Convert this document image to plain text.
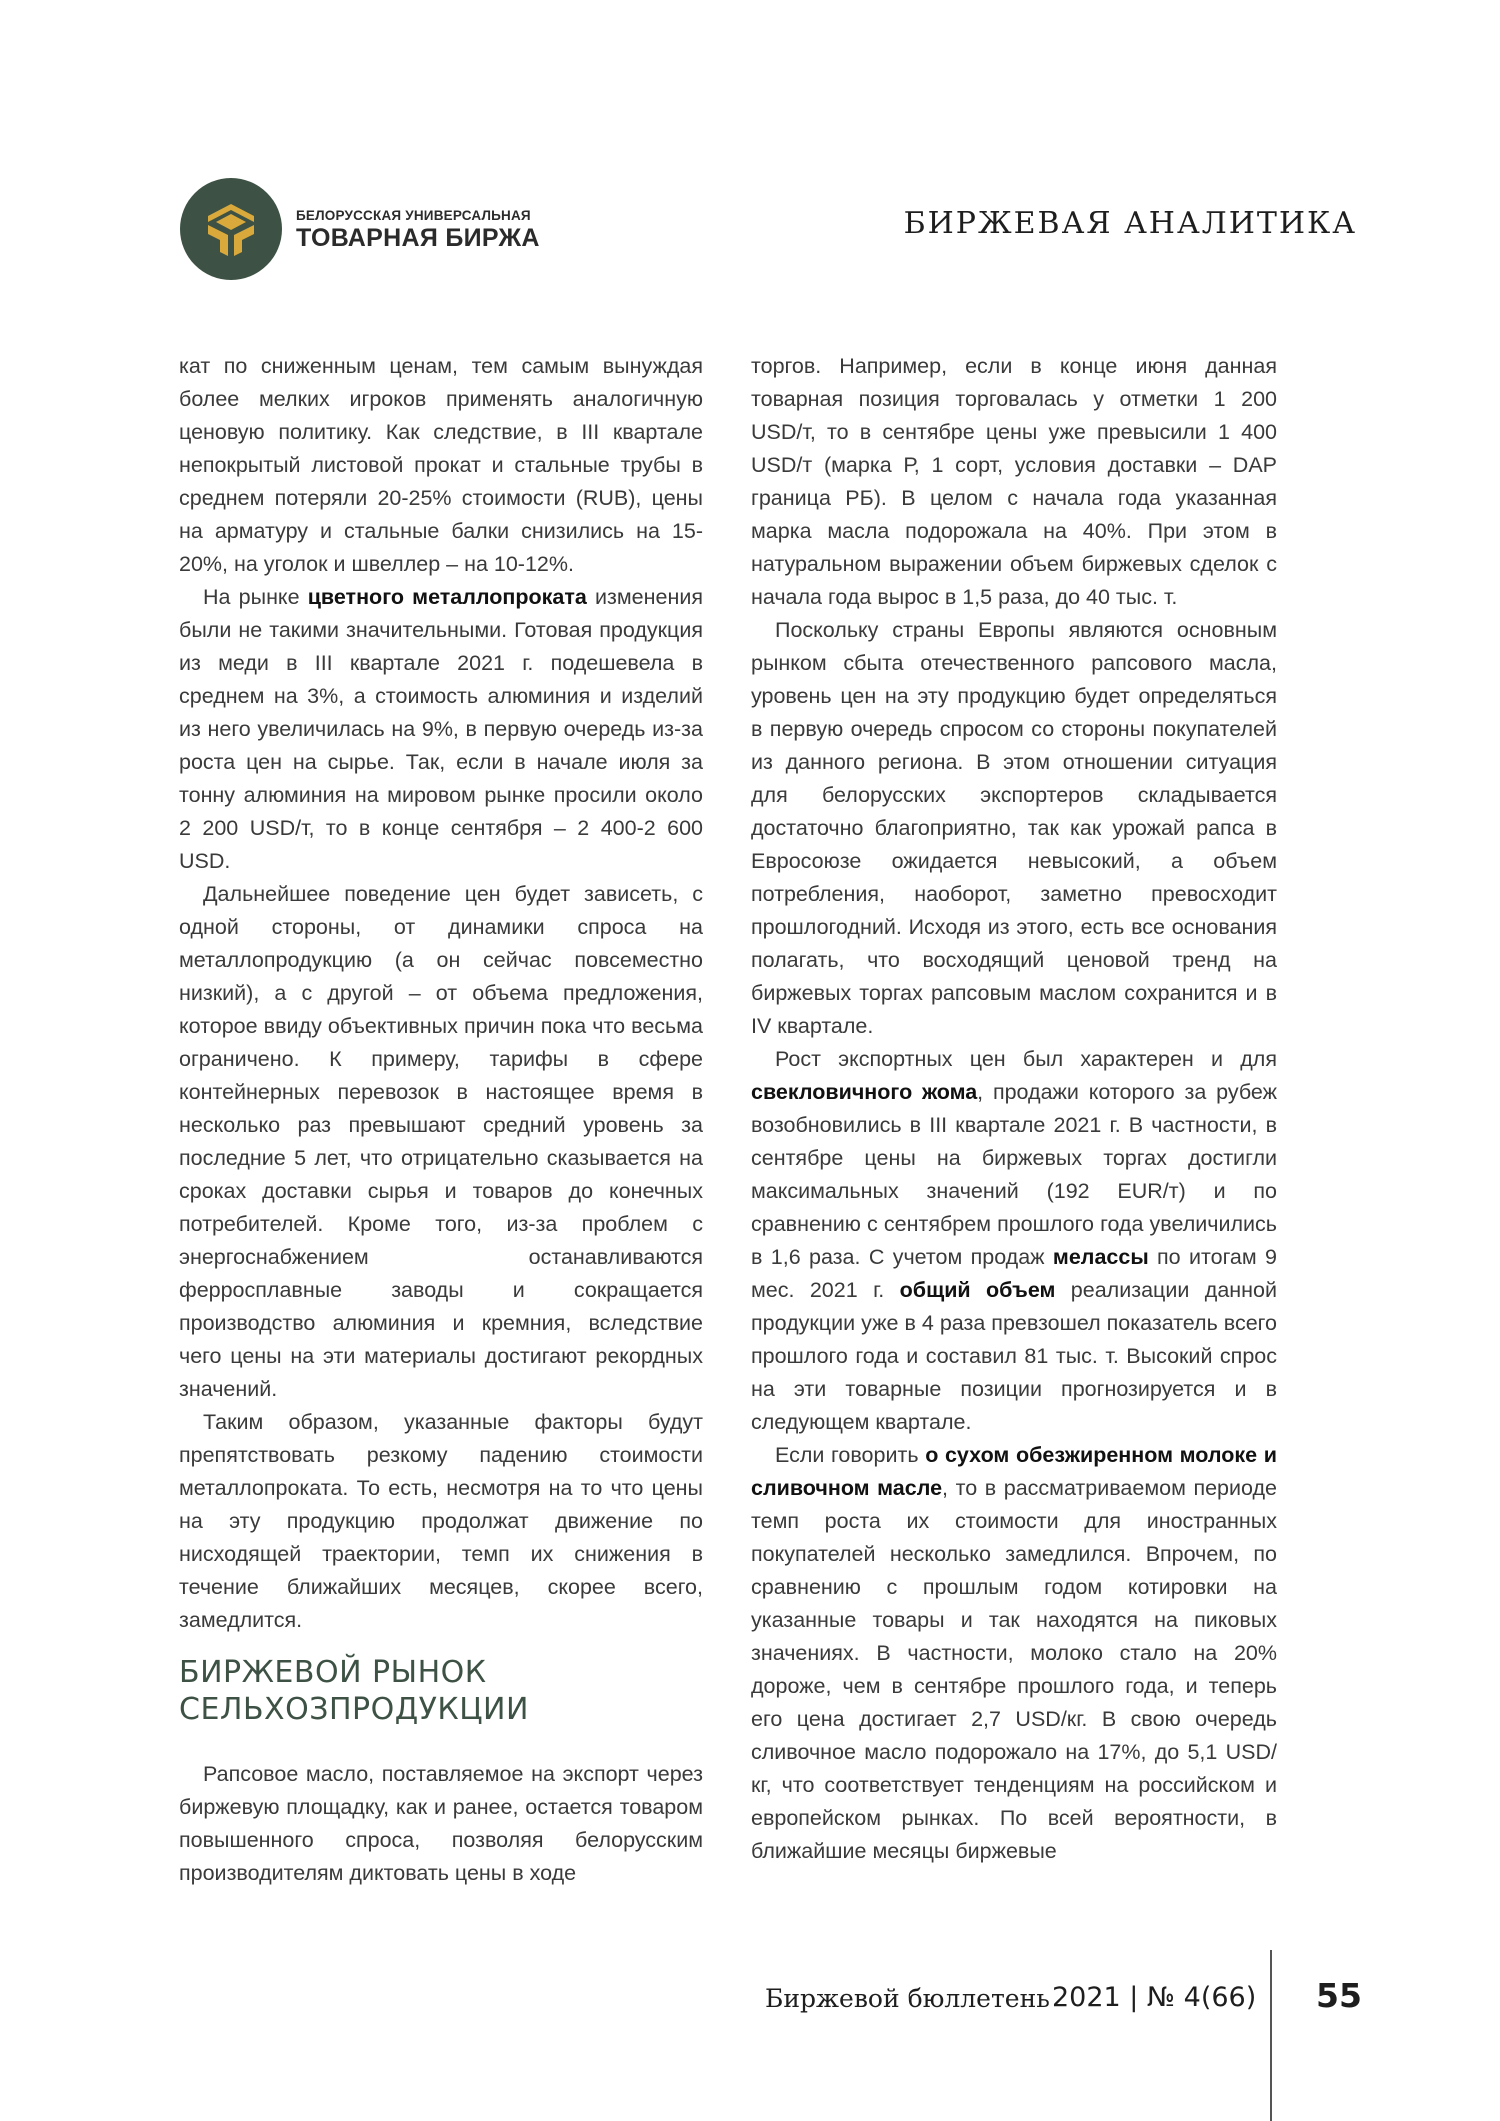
БЕЛОРУССКАЯ УНИВЕРСАЛЬНАЯ
ТОВАРНАЯ БИРЖА	БИРЖЕВАЯ АНАЛИТИКА

кат по сниженным ценам, тем самым вынуждая более мелких игроков применять аналогичную ценовую политику. Как следствие, в III квартале непокрытый листовой прокат и стальные трубы в среднем потеряли 20-25% стоимости (RUB), цены на арматуру и стальные балки снизились на 15-20%, на уголок и швеллер – на 10-12%.

На рынке цветного металлопроката изменения были не такими значительными. Готовая продукция из меди в III квартале 2021 г. подешевела в среднем на 3%, а стоимость алюминия и изделий из него увеличилась на 9%, в первую очередь из-за роста цен на сырье. Так, если в начале июля за тонну алюминия на мировом рынке просили около 2 200 USD/т, то в конце сентября – 2 400-2 600 USD.

Дальнейшее поведение цен будет зависеть, с одной стороны, от динамики спроса на металлопродукцию (а он сейчас повсеместно низкий), а с другой – от объема предложения, которое ввиду объективных причин пока что весьма ограничено. К примеру, тарифы в сфере контейнерных перевозок в настоящее время в несколько раз превышают средний уровень за последние 5 лет, что отрицательно сказывается на сроках доставки сырья и товаров до конечных потребителей. Кроме того, из-за проблем с энергоснабжением останавливаются ферросплавные заводы и сокращается производство алюминия и кремния, вследствие чего цены на эти материалы достигают рекордных значений.

Таким образом, указанные факторы будут препятствовать резкому падению стоимости металлопроката. То есть, несмотря на то что цены на эту продукцию продолжат движение по нисходящей траектории, темп их снижения в течение ближайших месяцев, скорее всего, замедлится.

БИРЖЕВОЙ РЫНОК
СЕЛЬХОЗПРОДУКЦИИ

Рапсовое масло, поставляемое на экспорт через биржевую площадку, как и ранее, остается товаром повышенного спроса, позволяя белорусским производителям диктовать цены в ходе

торгов. Например, если в конце июня данная товарная позиция торговалась у отметки 1 200 USD/т, то в сентябре цены уже превысили 1 400 USD/т (марка Р, 1 сорт, условия доставки – DAP граница РБ). В целом с начала года указанная марка масла подорожала на 40%. При этом в натуральном выражении объем биржевых сделок с начала года вырос в 1,5 раза, до 40 тыс. т.

Поскольку страны Европы являются основным рынком сбыта отечественного рапсового масла, уровень цен на эту продукцию будет определяться в первую очередь спросом со стороны покупателей из данного региона. В этом отношении ситуация для белорусских экспортеров складывается достаточно благоприятно, так как урожай рапса в Евросоюзе ожидается невысокий, а объем потребления, наоборот, заметно превосходит прошлогодний. Исходя из этого, есть все основания полагать, что восходящий ценовой тренд на биржевых торгах рапсовым маслом сохранится и в IV квартале.

Рост экспортных цен был характерен и для свекловичного жома, продажи которого за рубеж возобновились в III квартале 2021 г. В частности, в сентябре цены на биржевых торгах достигли максимальных значений (192 EUR/т) и по сравнению с сентябрем прошлого года увеличились в 1,6 раза. С учетом продаж мелассы по итогам 9 мес. 2021 г. общий объем реализации данной продукции уже в 4 раза превзошел показатель всего прошлого года и составил 81 тыс. т. Высокий спрос на эти товарные позиции прогнозируется и в следующем квартале.

Если говорить о сухом обезжиренном молоке и сливочном масле, то в рассматриваемом периоде темп роста их стоимости для иностранных покупателей несколько замедлился. Впрочем, по сравнению с прошлым годом котировки на указанные товары и так находятся на пиковых значениях. В частности, молоко стало на 20% дороже, чем в сентябре прошлого года, и теперь его цена достигает 2,7 USD/кг. В свою очередь сливочное масло подорожало на 17%, до 5,1 USD/кг, что соответствует тенденциям на российском и европейском рынках. По всей вероятности, в ближайшие месяцы биржевые

Биржевой бюллетень 2021 | № 4(66) 55
